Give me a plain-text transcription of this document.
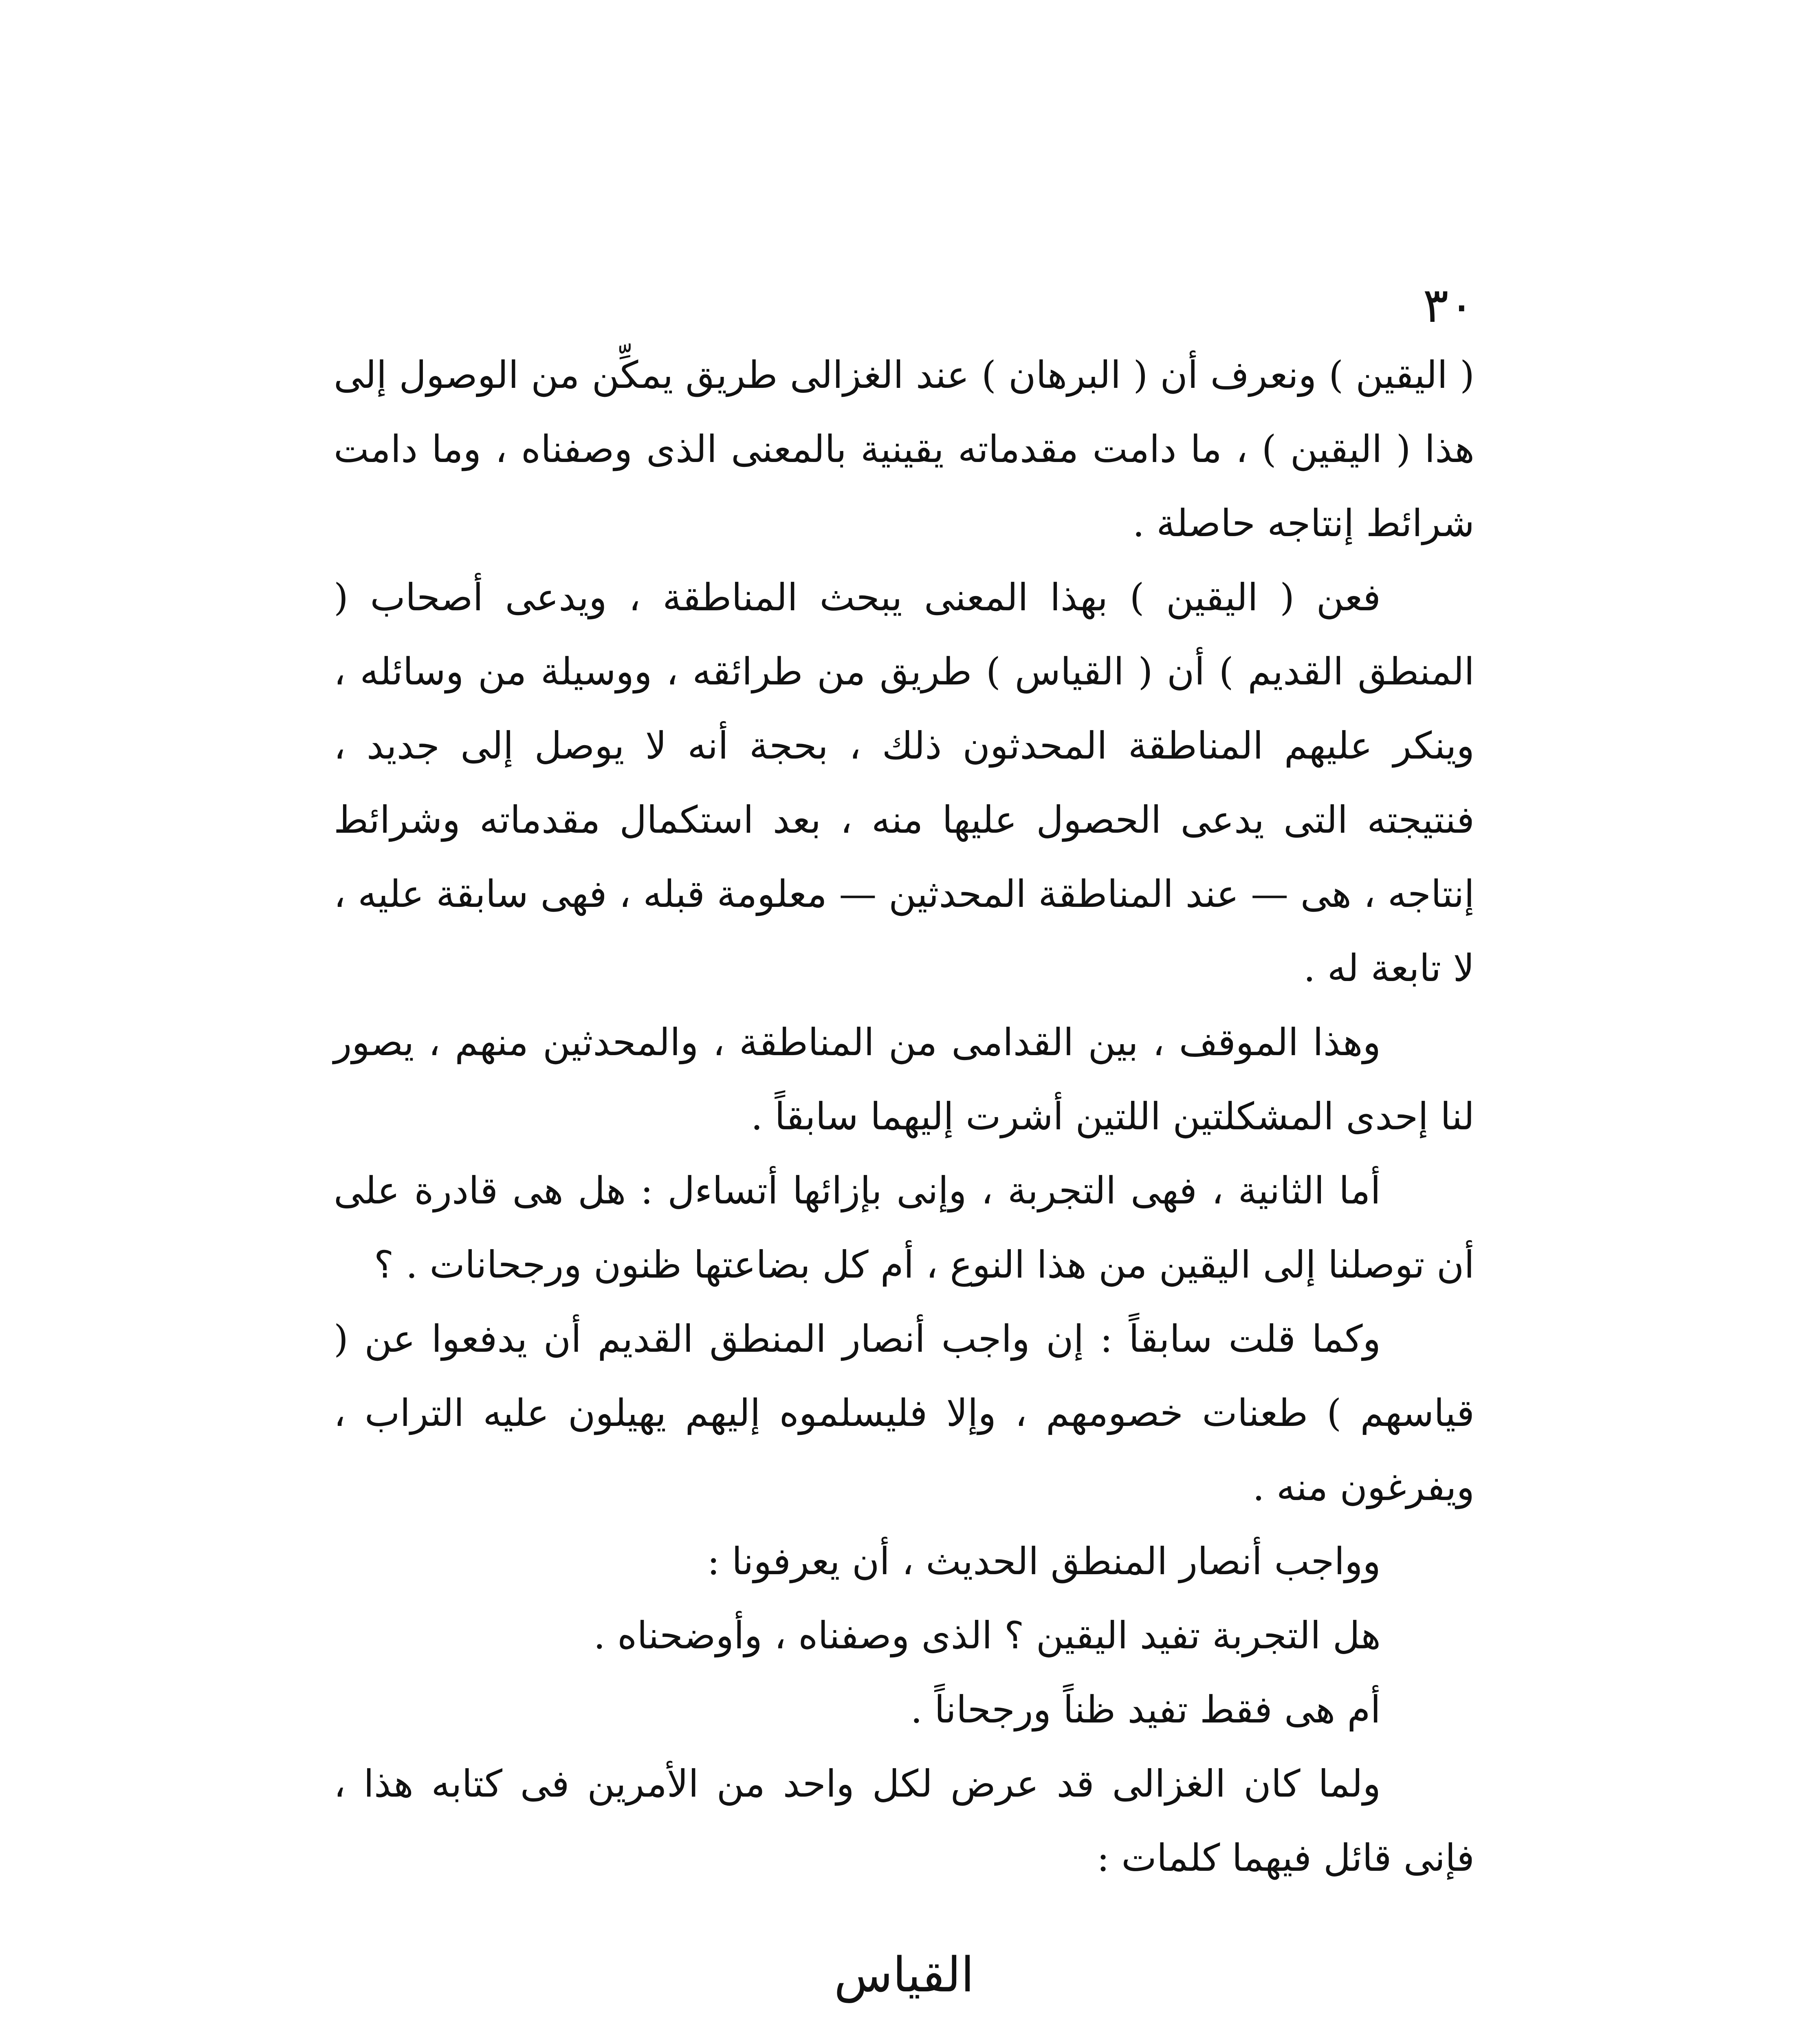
٣٠

( اليقين ) ونعرف أن ( البرهان ) عند الغزالى طريق يمكِّن من الوصول إلى هذا ( اليقين ) ، ما دامت مقدماته يقينية بالمعنى الذى وصفناه ، وما دامت شرائط إنتاجه حاصلة .

فعن ( اليقين ) بهذا المعنى يبحث المناطقة ، ويدعى أصحاب ( المنطق القديم ) أن ( القياس ) طريق من طرائقه ، ووسيلة من وسائله ، وينكر عليهم المناطقة المحدثون ذلك ، بحجة أنه لا يوصل إلى جديد ، فنتيجته التى يدعى الحصول عليها منه ، بعد استكمال مقدماته وشرائط إنتاجه ، هى — عند المناطقة المحدثين — معلومة قبله ، فهى سابقة عليه ، لا تابعة له .

وهذا الموقف ، بين القدامى من المناطقة ، والمحدثين منهم ، يصور لنا إحدى المشكلتين اللتين أشرت إليهما سابقاً .

أما الثانية ، فهى التجربة ، وإنى بإزائها أتساءل : هل هى قادرة على أن توصلنا إلى اليقين من هذا النوع ، أم كل بضاعتها ظنون ورجحانات . ؟

وكما قلت سابقاً : إن واجب أنصار المنطق القديم أن يدفعوا عن ( قياسهم ) طعنات خصومهم ، وإلا فليسلموه إليهم يهيلون عليه التراب ، ويفرغون منه .

وواجب أنصار المنطق الحديث ، أن يعرفونا :

هل التجربة تفيد اليقين ؟ الذى وصفناه ، وأوضحناه .

أم هى فقط تفيد ظناً ورجحاناً .

ولما كان الغزالى قد عرض لكل واحد من الأمرين فى كتابه هذا ، فإنى قائل فيهما كلمات :

القياس
